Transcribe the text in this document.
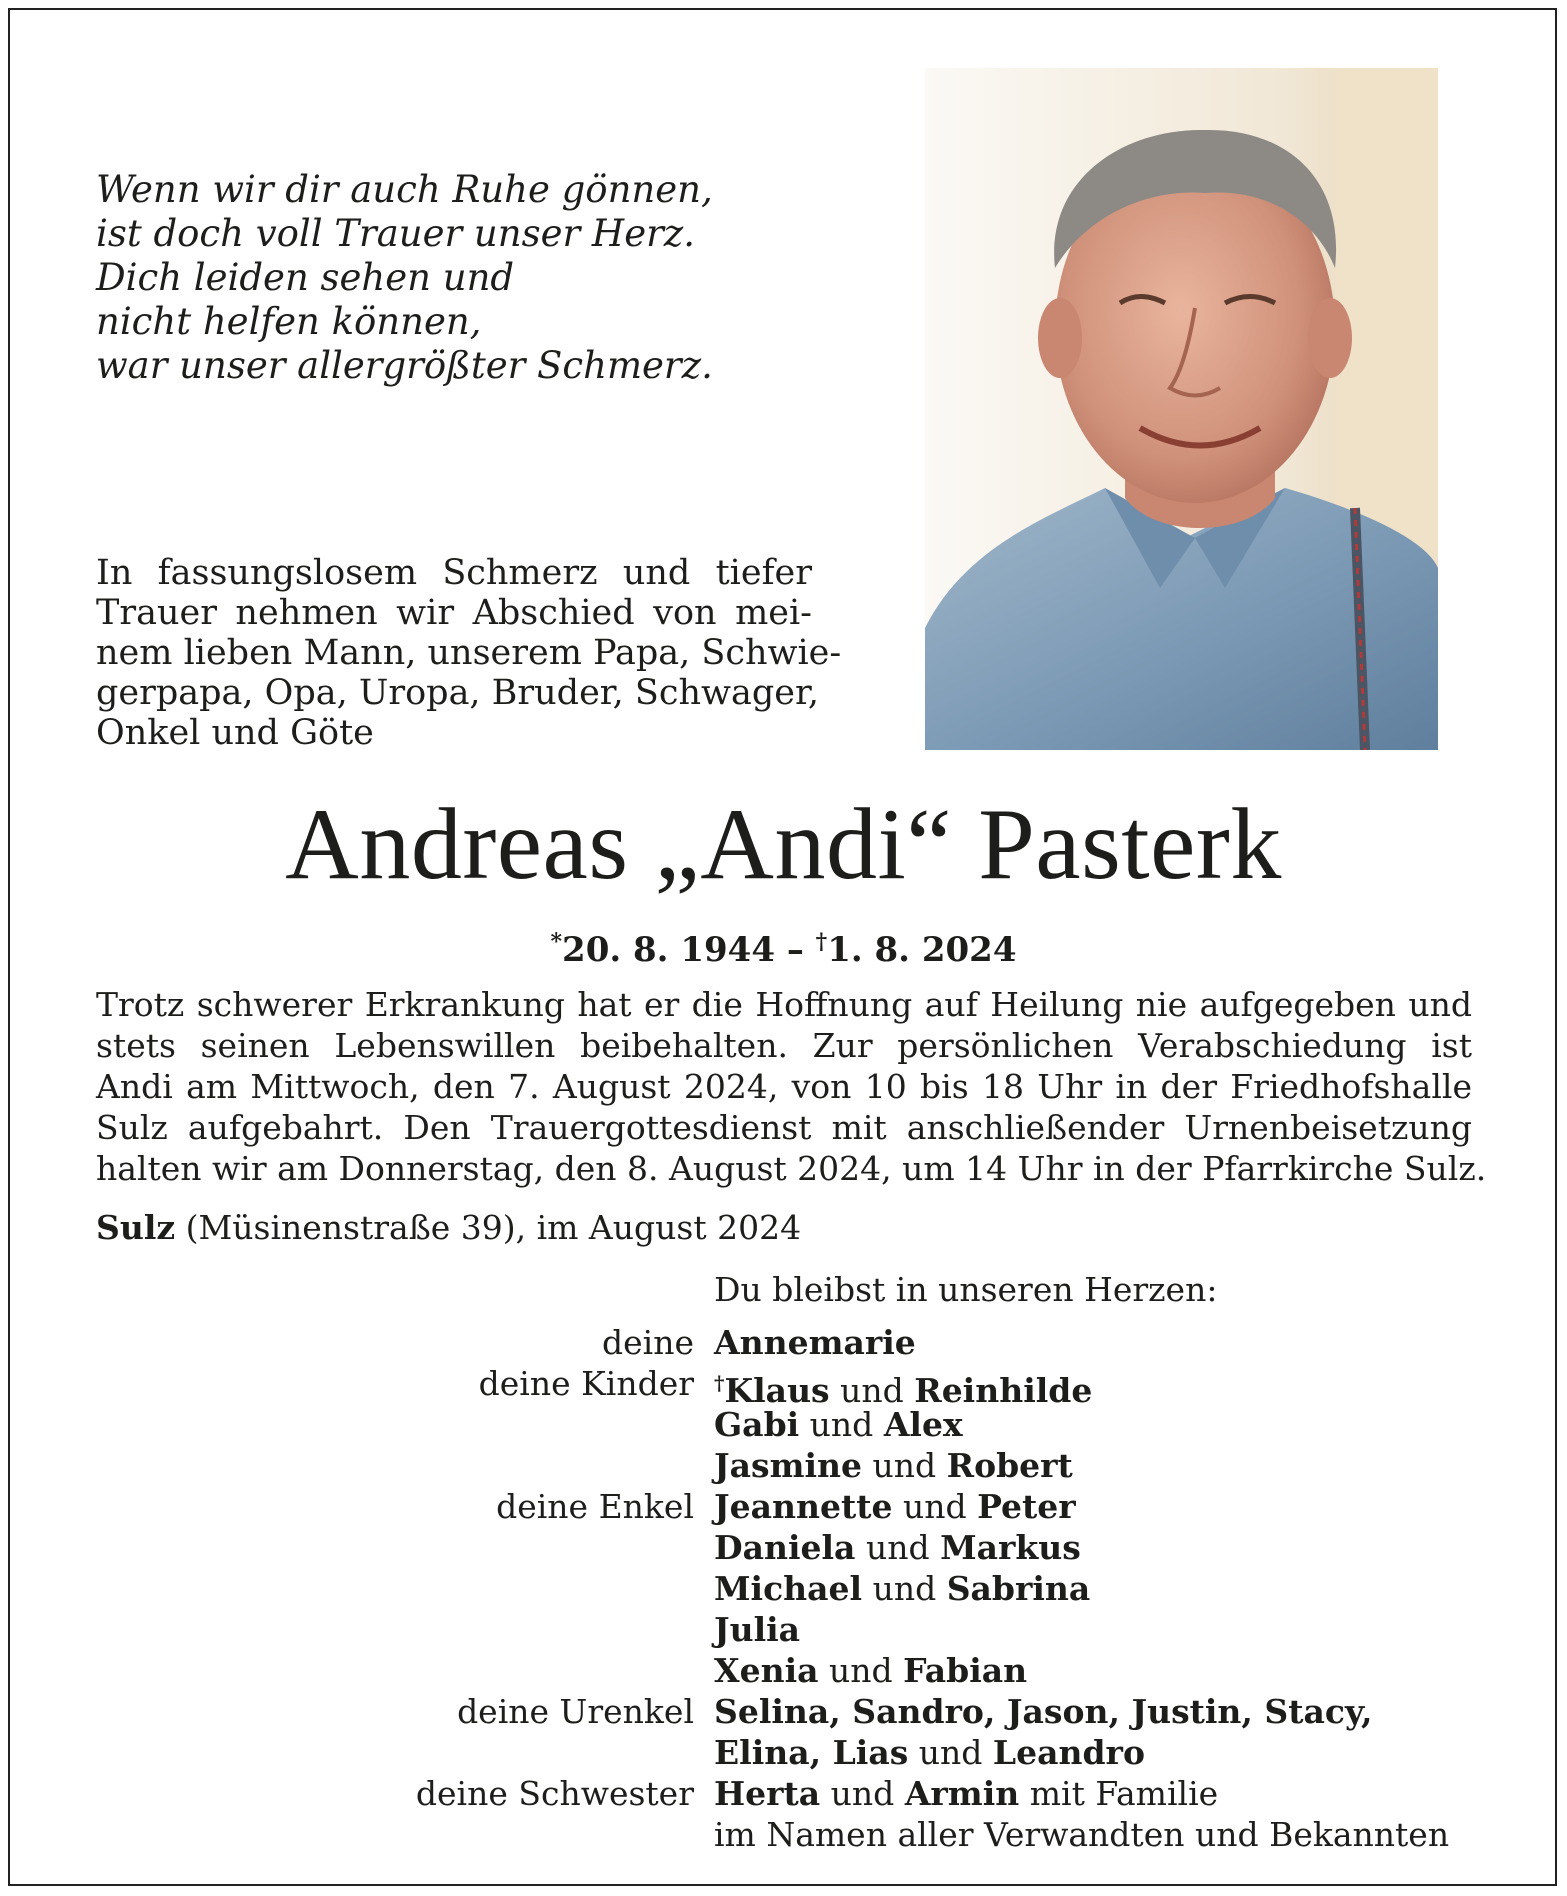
Wenn wir dir auch Ruhe gönnen,
ist doch voll Trauer unser Herz.
Dich leiden sehen und
nicht helfen können,
war unser allergrößter Schmerz.
In fassungslosem Schmerz und tiefer
Trauer nehmen wir Abschied von mei-
nem lieben Mann, unserem Papa, Schwie-
gerpapa, Opa, Uropa, Bruder, Schwager,
Onkel und Göte
Andreas „Andi“ Pasterk
*20. 8. 1944 – †1. 8. 2024
Trotz schwerer Erkrankung hat er die Hoffnung auf Heilung nie aufgegeben und
stets seinen Lebenswillen beibehalten. Zur persönlichen Verabschiedung ist
Andi am Mittwoch, den 7. August 2024, von 10 bis 18 Uhr in der Friedhofshalle
Sulz aufgebahrt. Den Trauergottesdienst mit anschließender Urnenbeisetzung
halten wir am Donnerstag, den 8. August 2024, um 14 Uhr in der Pfarrkirche Sulz.
Sulz (Müsinenstraße 39), im August 2024
Du bleibst in unseren Herzen:
deine Annemarie
deine Kinder †Klaus und Reinhilde
Gabi und Alex
Jasmine und Robert
deine Enkel Jeannette und Peter
Daniela und Markus
Michael und Sabrina
Julia
Xenia und Fabian
deine Urenkel Selina, Sandro, Jason, Justin, Stacy,
Elina, Lias und Leandro
deine Schwester Herta und Armin mit Familie
im Namen aller Verwandten und Bekannten
